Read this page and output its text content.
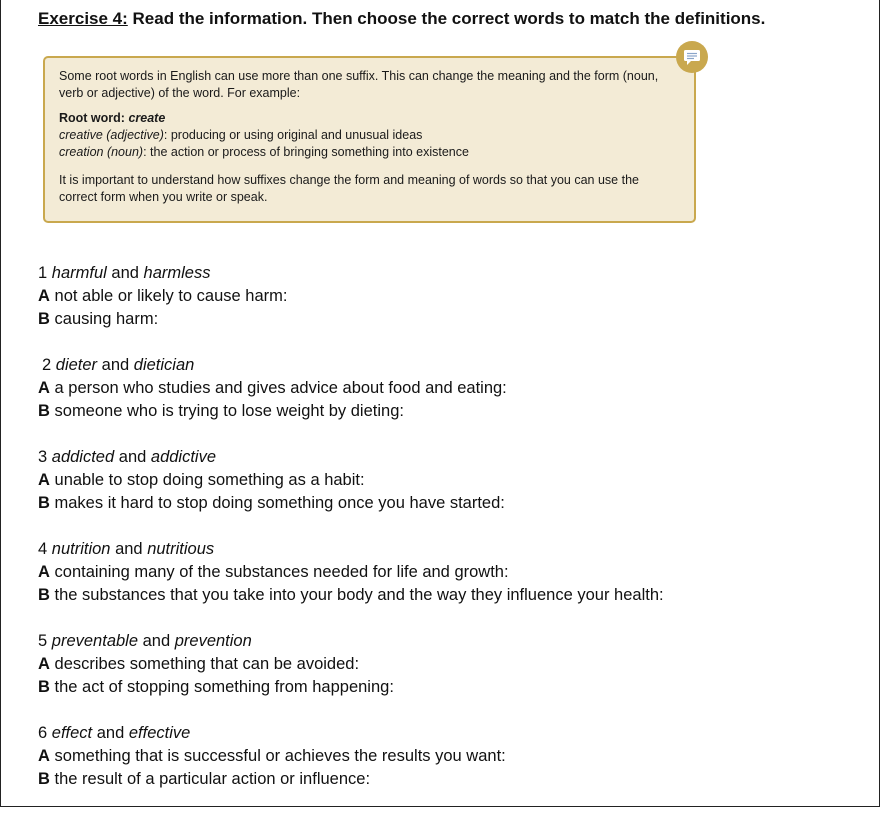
Exercise 4: Read the information. Then choose the correct words to match the definitions.

Some root words in English can use more than one suffix. This can change the meaning and the form (noun, verb or adjective) of the word. For example:

Root word: create

creative (adjective): producing or using original and unusual ideas

creation (noun): the action or process of bringing something into existence

It is important to understand how suffixes change the form and meaning of words so that you can use the correct form when you write or speak.

1 harmful and harmless
A not able or likely to cause harm:
B causing harm:
2 dieter and dietician
A a person who studies and gives advice about food and eating:
B someone who is trying to lose weight by dieting:
3 addicted and addictive
A unable to stop doing something as a habit:
B makes it hard to stop doing something once you have started:
4 nutrition and nutritious
A containing many of the substances needed for life and growth:
B the substances that you take into your body and the way they influence your health:
5 preventable and prevention
A describes something that can be avoided:
B the act of stopping something from happening:
6 effect and effective
A something that is successful or achieves the results you want:
B the result of a particular action or influence:
